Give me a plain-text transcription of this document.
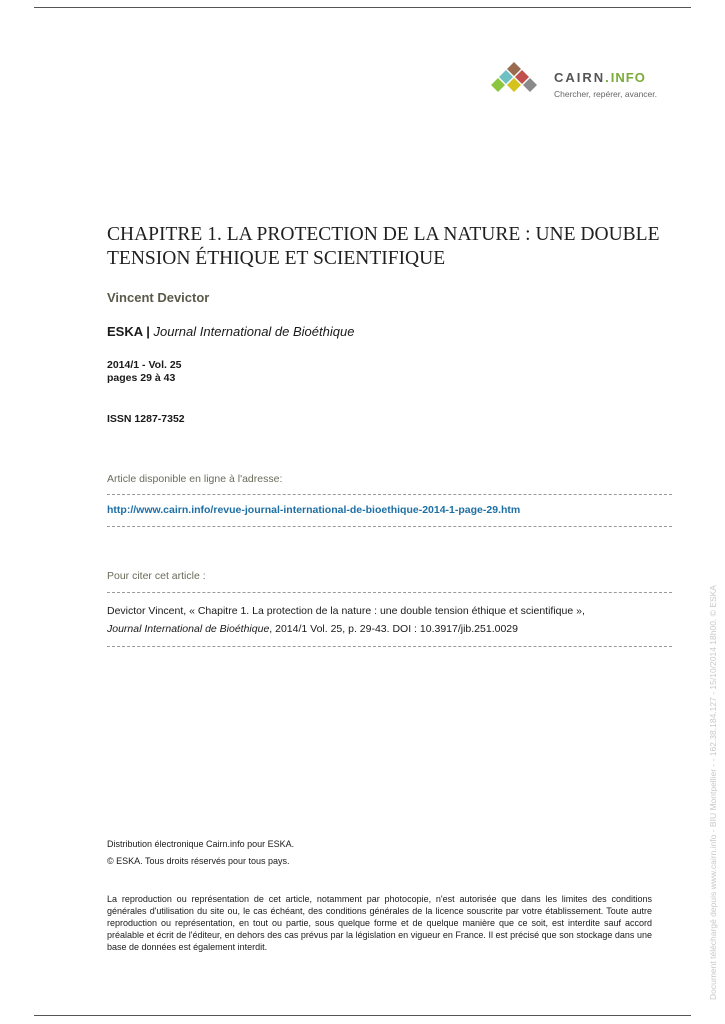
CAIRN.INFO
Chercher, repérer, avancer.
CHAPITRE 1. LA PROTECTION DE LA NATURE : UNE DOUBLE
TENSION ÉTHIQUE ET SCIENTIFIQUE
Vincent Devictor
ESKA | Journal International de Bioéthique
2014/1 - Vol. 25
pages 29 à 43
ISSN 1287-7352
Article disponible en ligne à l'adresse:
http://www.cairn.info/revue-journal-international-de-bioethique-2014-1-page-29.htm
Pour citer cet article :
Devictor Vincent, « Chapitre 1. La protection de la nature : une double tension éthique et scientifique »,
Journal International de Bioéthique, 2014/1 Vol. 25, p. 29-43. DOI : 10.3917/jib.251.0029
Distribution électronique Cairn.info pour ESKA.
© ESKA. Tous droits réservés pour tous pays.
La reproduction ou représentation de cet article, notamment par photocopie, n'est autorisée que dans les limites des conditions générales d'utilisation du site ou, le cas échéant, des conditions générales de la licence souscrite par votre établissement. Toute autre reproduction ou représentation, en tout ou partie, sous quelque forme et de quelque manière que ce soit, est interdite sauf accord préalable et écrit de l'éditeur, en dehors des cas prévus par la législation en vigueur en France. Il est précisé que son stockage dans une base de données est également interdit.	Document téléchargé depuis www.cairn.info - BIU Montpellier - - 162.38.184.127 - 15/10/2014 18h00. © ESKA
